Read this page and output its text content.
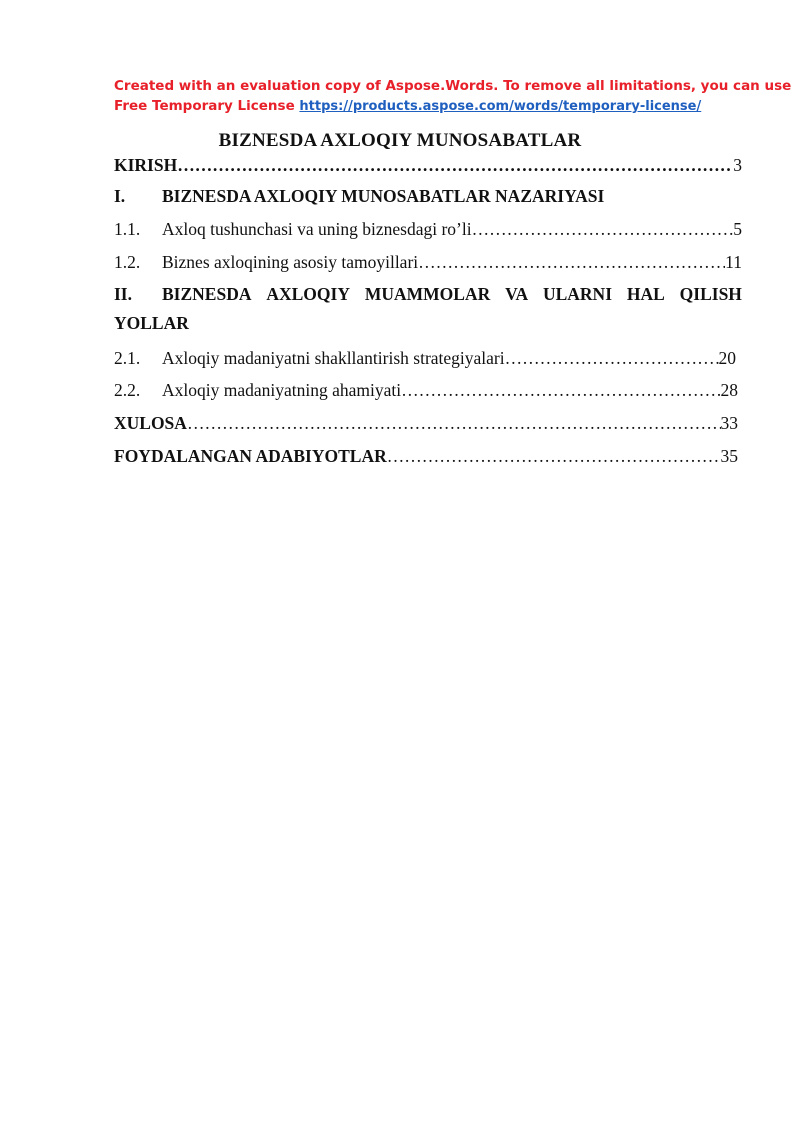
Created with an evaluation copy of Aspose.Words. To remove all limitations, you can use
Free Temporary License https://products.aspose.com/words/temporary-license/
BIZNESDA AXLOQIY MUNOSABATLAR
KIRISH ……………………………………………………………………………………………………………………………………………	3
I. BIZNESDA AXLOQIY MUNOSABATLAR NAZARIYASI
1.1.	Axloq tushunchasi va uning biznesdagi ro’li ……………………………………………………………………………………………………………………………………………	5
1.2.	Biznes axloqining asosiy tamoyillari ……………………………………………………………………………………………………………………………………………	11
II.	BIZNESDA AXLOQIY MUAMMOLAR VA ULARNI HAL QILISH
YOLLAR
2.1.	Axloqiy madaniyatni shakllantirish strategiyalari ……………………………………………………………………………………………………………………………………………	20
2.2.	Axloqiy madaniyatning ahamiyati ……………………………………………………………………………………………………………………………………………	28
XULOSA ……………………………………………………………………………………………………………………………………………	33
FOYDALANGAN ADABIYOTLAR ……………………………………………………………………………………………………………………………………………	35
